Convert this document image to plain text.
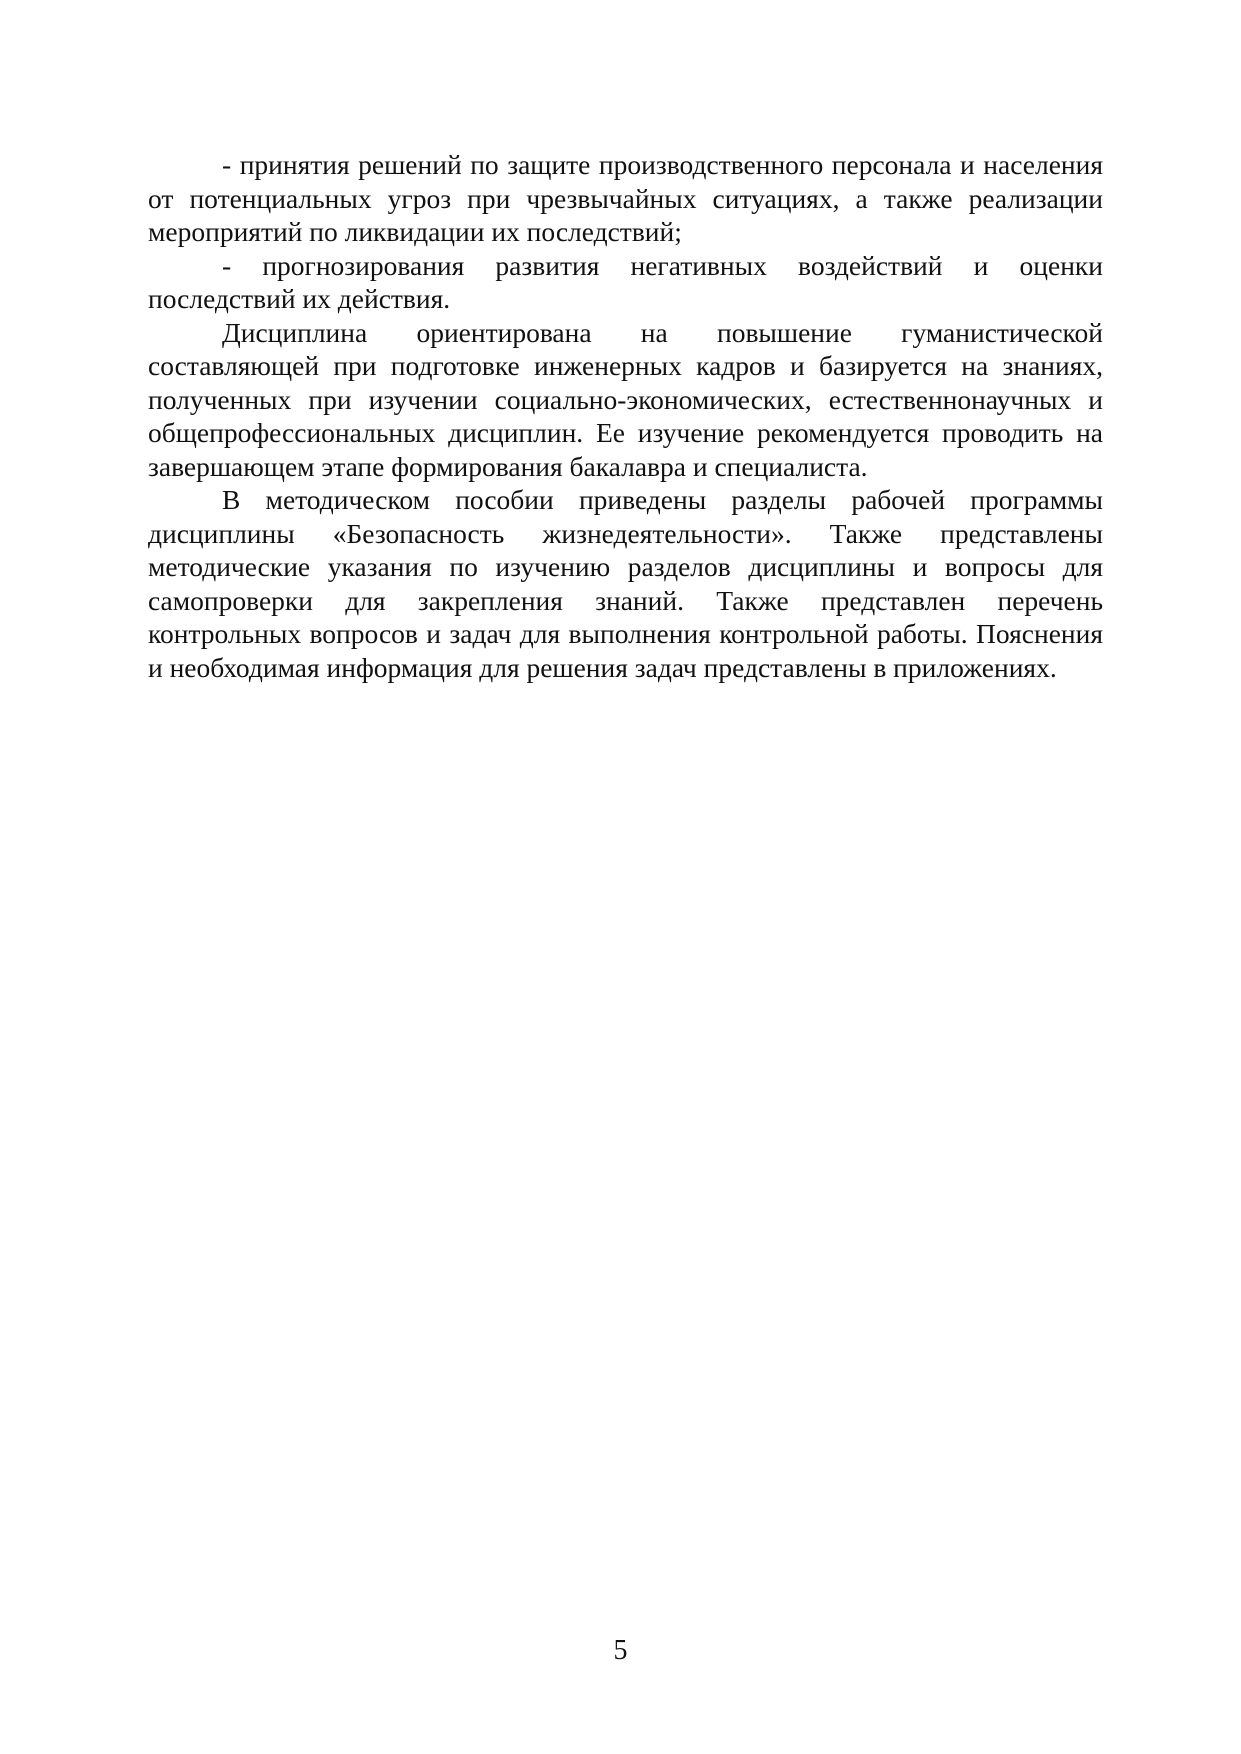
- принятия решений по защите производственного персонала и населения от потенциальных угроз при чрезвычайных ситуациях, а также реализации мероприятий по ликвидации их последствий;

- прогнозирования развития негативных воздействий и оценки последствий их действия.

Дисциплина ориентирована на повышение гуманистической составляющей при подготовке инженерных кадров и базируется на знаниях, полученных при изучении социально-экономических, естественнонаучных и общепрофессиональных дисциплин. Ее изучение рекомендуется проводить на завершающем этапе формирования бакалавра и специалиста.

В методическом пособии приведены разделы рабочей программы дисциплины «Безопасность жизнедеятельности». Также представлены методические указания по изучению разделов дисциплины и вопросы для самопроверки для закрепления знаний. Также представлен перечень контрольных вопросов и задач для выполнения контрольной работы. Пояснения и необходимая информация для решения задач представлены в приложениях.

5
